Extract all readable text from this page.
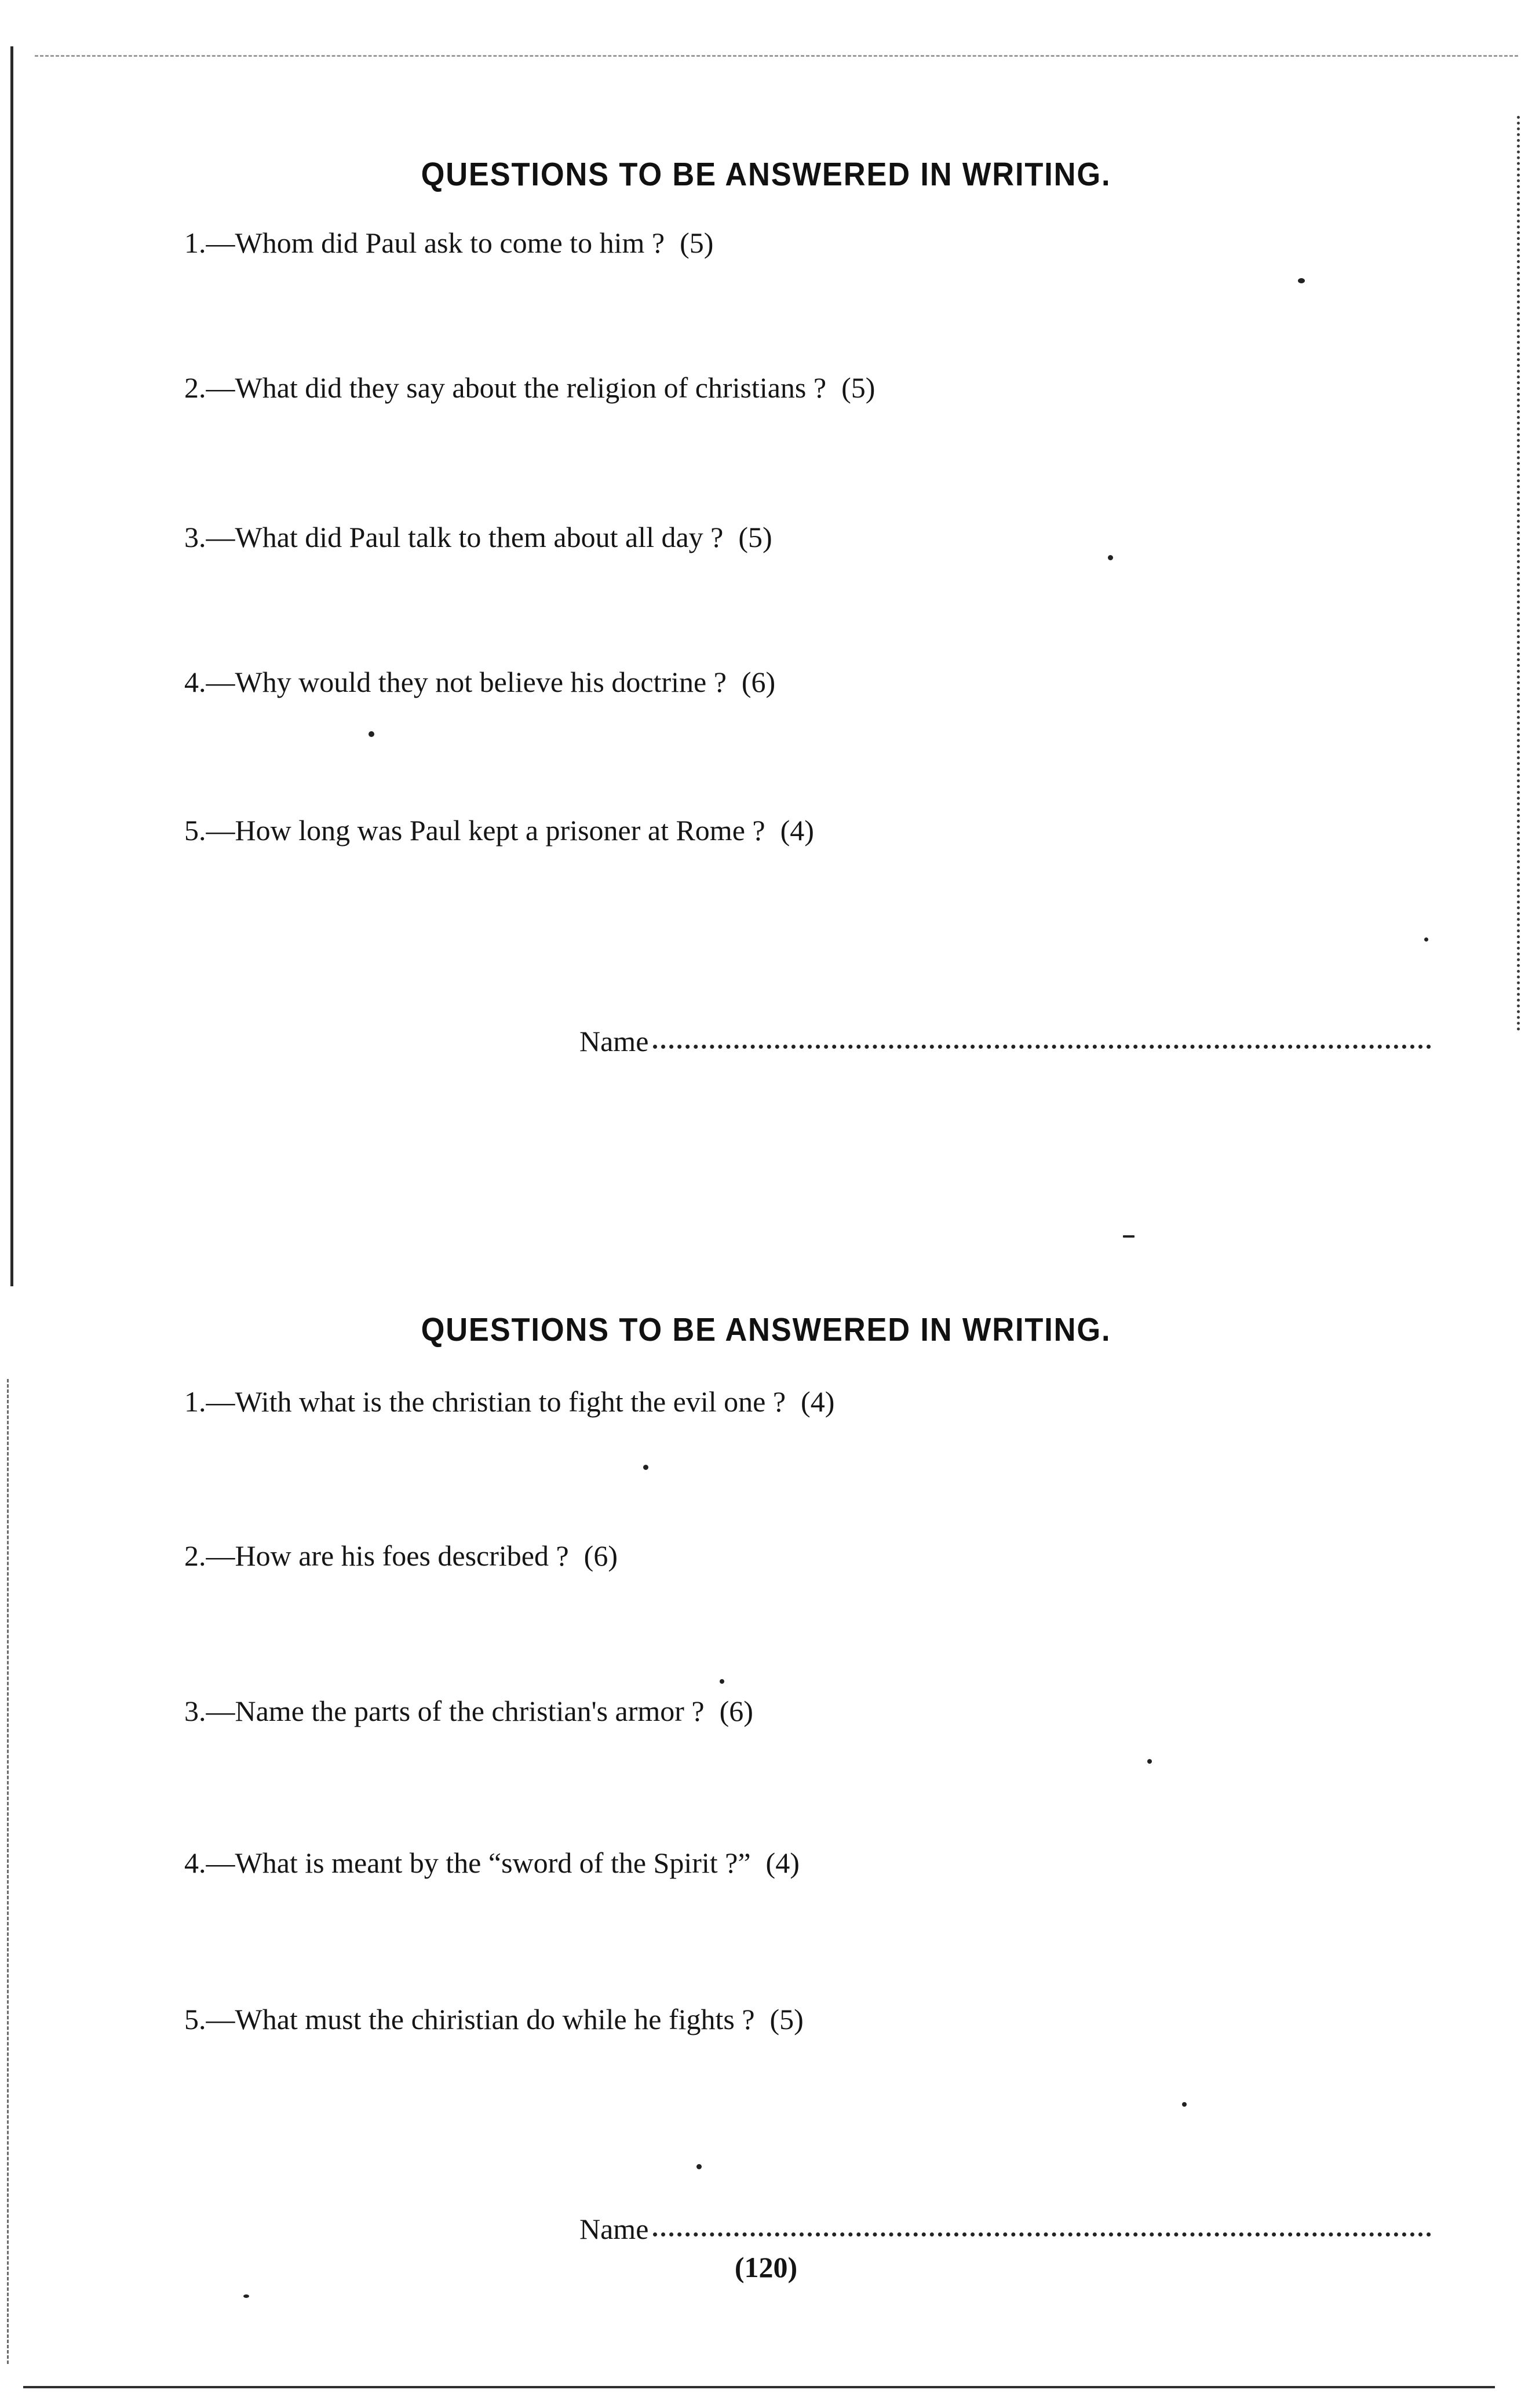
QUESTIONS TO BE ANSWERED IN WRITING.
1.—Whom did Paul ask to come to him ? (5)
2.—What did they say about the religion of christians ? (5)
3.—What did Paul talk to them about all day ? (5)
4.—Why would they not believe his doctrine ? (6)
5.—How long was Paul kept a prisoner at Rome ? (4)
Name
QUESTIONS TO BE ANSWERED IN WRITING.
1.—With what is the christian to fight the evil one ? (4)
2.—How are his foes described ? (6)
3.—Name the parts of the christian's armor ? (6)
4.—What is meant by the “sword of the Spirit ?” (4)
5.—What must the chiristian do while he fights ? (5)
Name
(120)
